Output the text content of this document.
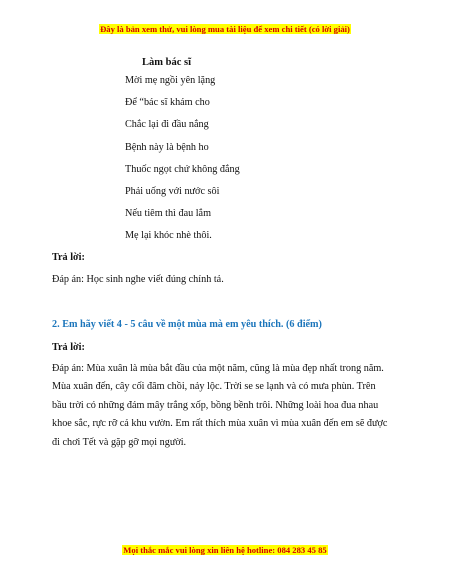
Đây là bản xem thử, vui lòng mua tài liệu để xem chi tiết (có lời giải)
Làm bác sĩ
Mời mẹ ngồi yên lặng
Để “bác sĩ khám cho
Chắc lại đi đầu nắng
Bệnh này là bệnh ho
Thuốc ngọt chứ không đắng
Phải uống với nước sôi
Nếu tiêm thì đau lắm
Mẹ lại khóc nhè thôi.
Trả lời:
Đáp án: Học sinh nghe viết đúng chính tả.
2. Em hãy viết 4 - 5 câu về một mùa mà em yêu thích. (6 điểm)
Trả lời:
Đáp án: Mùa xuân là mùa bắt đầu của một năm, cũng là mùa đẹp nhất trong năm.
Mùa xuân đến, cây cối đâm chồi, nảy lộc. Trời se se lạnh và có mưa phùn. Trên
bầu trời có những đám mây trắng xốp, bồng bềnh trôi. Những loài hoa đua nhau
khoe sắc, rực rỡ cả khu vườn. Em rất thích mùa xuân vì mùa xuân đến em sẽ được
đi chơi Tết và gặp gỡ mọi người.
Mọi thắc mắc vui lòng xin liên hệ hotline: 084 283 45 85
